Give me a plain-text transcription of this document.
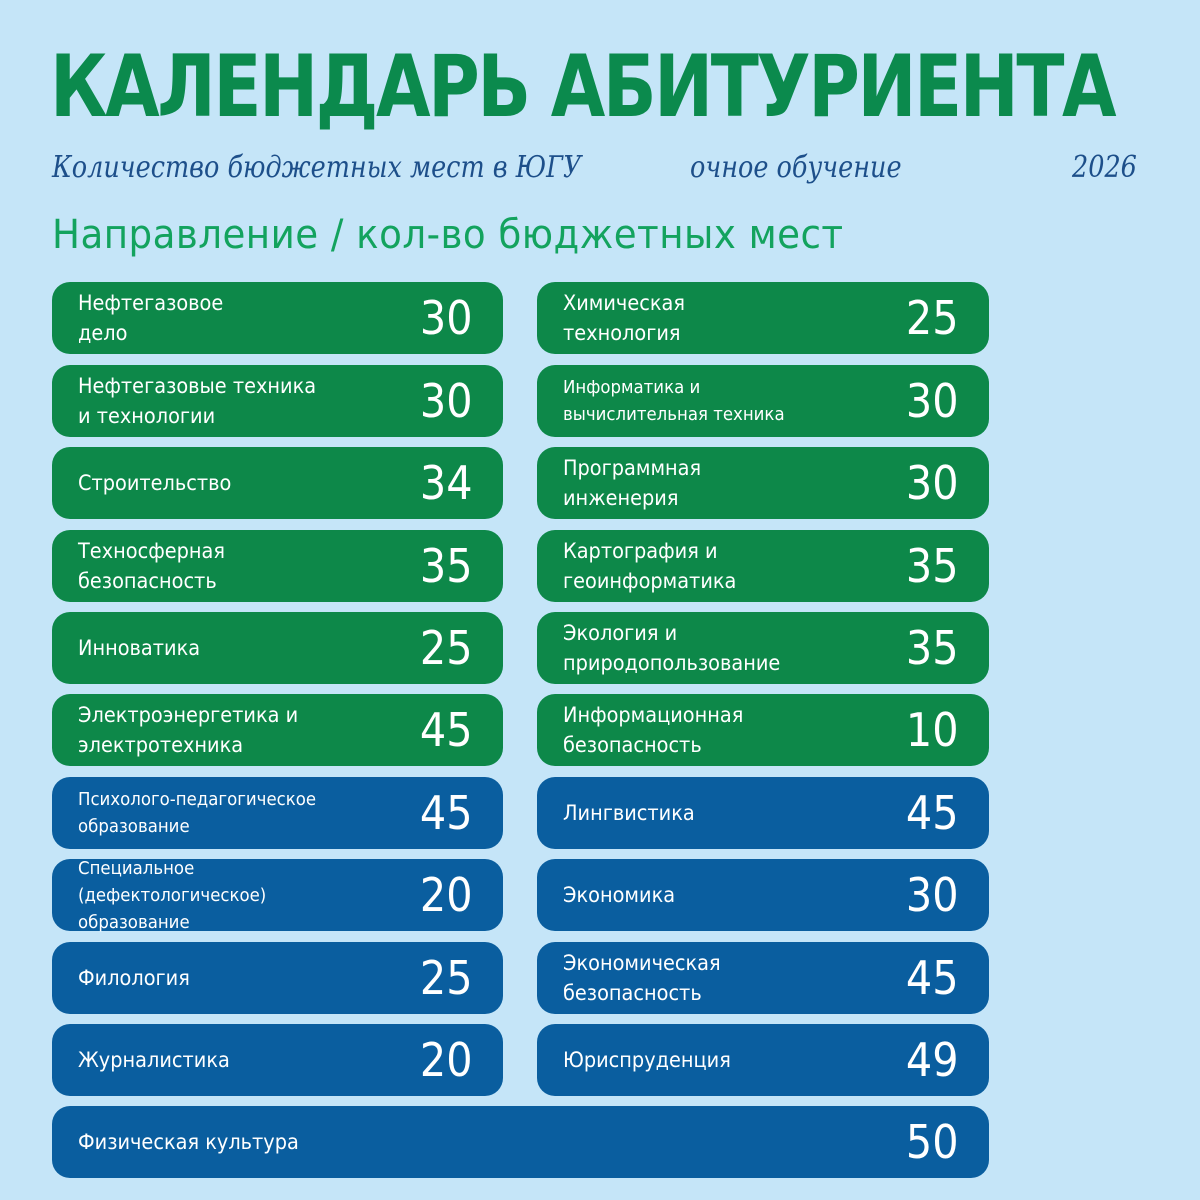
КАЛЕНДАРЬ АБИТУРИЕНТА
Количество бюджетных мест в ЮГУ	очное обучение	2026
Направление / кол-во бюджетных мест
Нефтегазовое
дело	30
Нефтегазовые техника
и технологии	30
Строительство	34
Техносферная
безопасность	35
Инноватика	25
Электроэнергетика и
электротехника	45
Психолого-педагогическое
образование	45
Специальное (дефектологическое)
образование	20
Филология	25
Журналистика	20
Химическая
технология	25
Информатика и
вычислительная техника	30
Программная
инженерия	30
Картография и
геоинформатика	35
Экология и
природопользование	35
Информационная
безопасность	10
Лингвистика	45
Экономика	30
Экономическая
безопасность	45
Юриспруденция	49
Физическая культура	50
